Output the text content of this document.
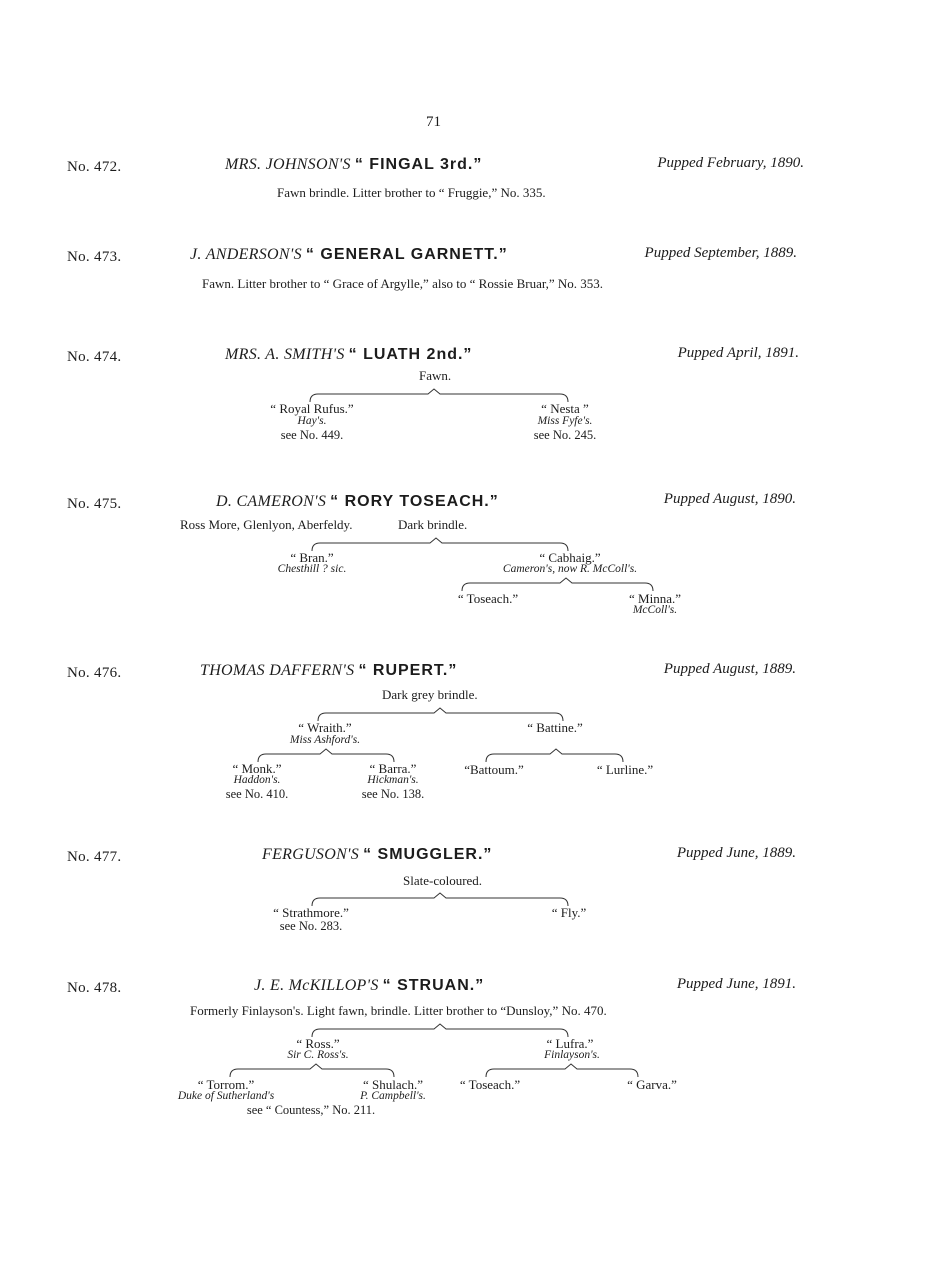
71
No. 472.	MRS. JOHNSON'S “ FINGAL 3rd.”	Pupped February, 1890.
Fawn brindle. Litter brother to “ Fruggie,” No. 335.
No. 473.	J. ANDERSON'S “ GENERAL GARNETT.”	Pupped September, 1889.
Fawn. Litter brother to “ Grace of Argylle,” also to “ Rossie Bruar,” No. 353.
No. 474.	MRS. A. SMITH'S “ LUATH 2nd.”	Pupped April, 1891.
Fawn.
“ Royal Rufus.”
Hay's.
see No. 449.
“ Nesta ”
Miss Fyfe's.
see No. 245.
No. 475.	D. CAMERON'S “ RORY TOSEACH.”	Pupped August, 1890.
Ross More, Glenlyon, Aberfeldy.	Dark brindle.
“ Bran.”
Chesthill ? sic.
“ Cabhaig.”
Cameron's, now R. McColl's.
“ Toseach.”	“ Minna.”
McColl's.
No. 476.	THOMAS DAFFERN'S “ RUPERT.”	Pupped August, 1889.
Dark grey brindle.
“ Wraith.”
Miss Ashford's.
“ Battine.”
“ Monk.”
Haddon's.
see No. 410.
“ Barra.”
Hickman's.
see No. 138.
“Battoum.”	“ Lurline.”
No. 477.	FERGUSON'S “ SMUGGLER.”	Pupped June, 1889.
Slate-coloured.
“ Strathmore.”
see No. 283.
“ Fly.”
No. 478.	J. E. McKILLOP'S “ STRUAN.”	Pupped June, 1891.
Formerly Finlayson's. Light fawn, brindle. Litter brother to “Dunsloy,” No. 470.
“ Ross.”
Sir C. Ross's.
“ Lufra.”
Finlayson's.
“ Torrom.”
Duke of Sutherland's
“ Shulach.”
P. Campbell's.
see “ Countess,” No. 211.
“ Toseach.”	“ Garva.”
